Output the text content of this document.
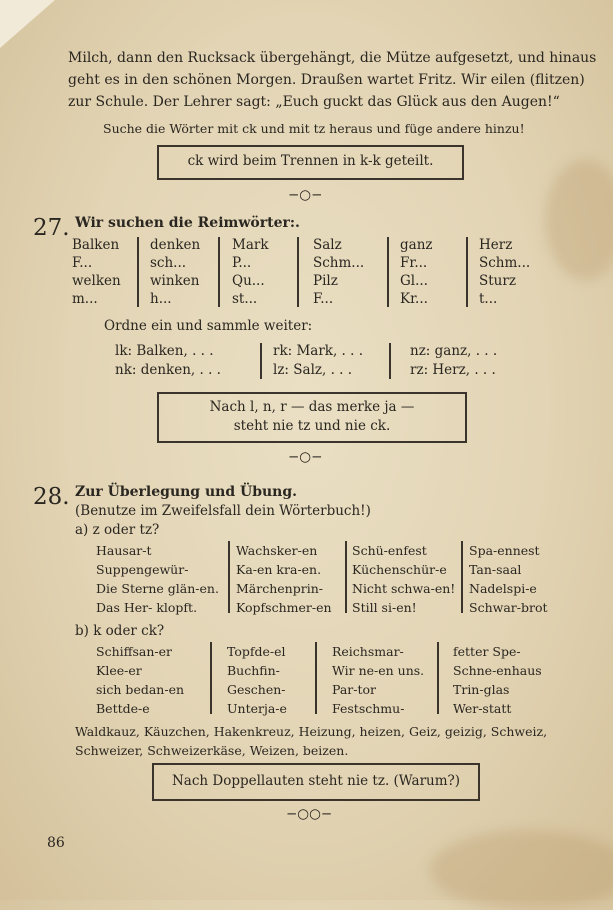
Milch, dann den Rucksack übergehängt, die Mütze aufgesetzt, und hinaus
geht es in den schönen Morgen. Draußen wartet Fritz. Wir eilen (flitzen)
zur Schule. Der Lehrer sagt: „Euch guckt das Glück aus den Augen!“
Suche die Wörter mit ck und mit tz heraus und füge andere hinzu!
ck wird beim Trennen in k-k geteilt.
−○−
27. Wir suchen die Reimwörter:.
Balken
F...
welken
m...
denken
sch...
winken
h...
Mark
P...
Qu...
st...
Salz
Schm...
Pilz
F...
ganz
Fr...
Gl...
Kr...
Herz
Schm...
Sturz
t...
Ordne ein und sammle weiter:
lk: Balken, . . .
nk: denken, . . .
rk: Mark, . . .
lz: Salz, . . .
nz: ganz, . . .
rz: Herz, . . .
Nach l, n, r — das merke ja —
steht nie tz und nie ck.
−○−
28. Zur Überlegung und Übung.
(Benutze im Zweifelsfall dein Wörterbuch!)
a) z oder tz?
Hausar-t
Suppengewür-
Die Sterne glän-en.
Das Her- klopft.
Wachsker-en
Ka-en kra-en.
Märchenprin-
Kopfschmer-en
Schü-enfest
Küchenschür-e
Nicht schwa-en!
Still si-en!
Spa-ennest
Tan-saal
Nadelspi-e
Schwar-brot
b) k oder ck?
Schiffsan-er
Klee-er
sich bedan-en
Bettde-e
Topfde-el
Buchfin-
Geschen-
Unterja-e
Reichsmar-
Wir ne-en uns.
Par-tor
Festschmu-
fetter Spe-
Schne-enhaus
Trin-glas
Wer-statt
Waldkauz, Käuzchen, Hakenkreuz, Heizung, heizen, Geiz, geizig, Schweiz,
Schweizer, Schweizerkäse, Weizen, beizen.
Nach Doppellauten steht nie tz. (Warum?)
−○○−
86
